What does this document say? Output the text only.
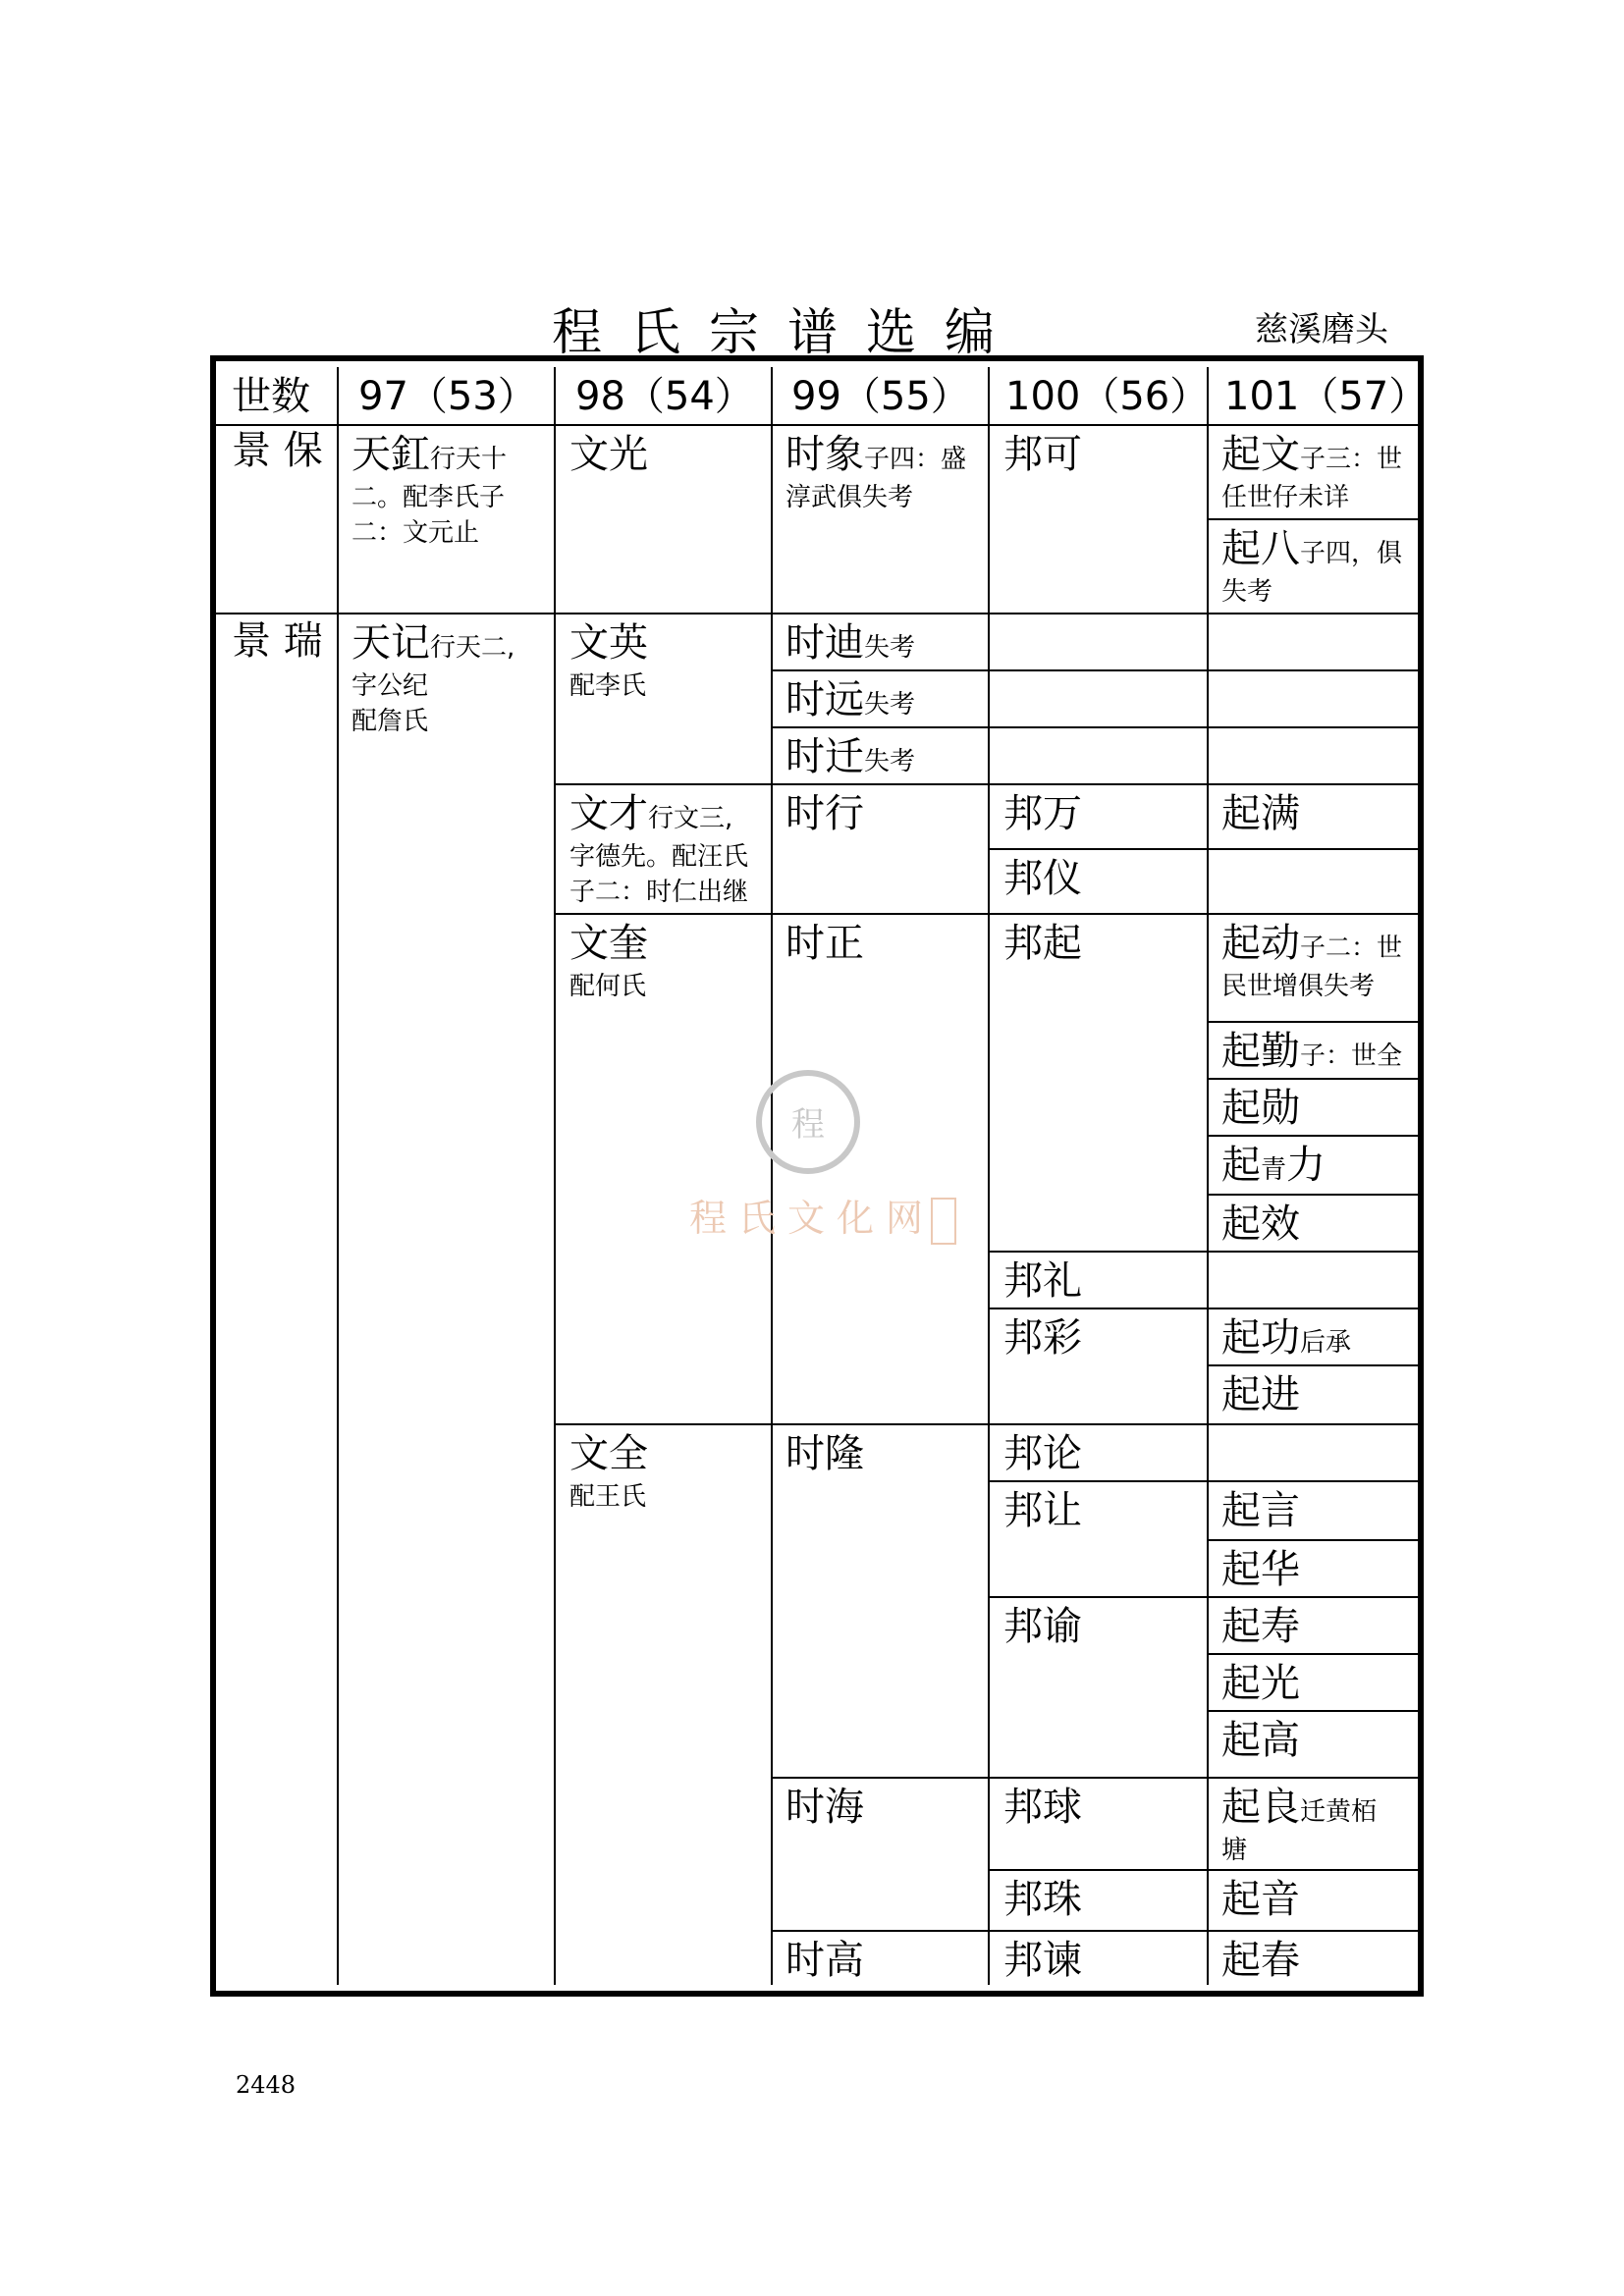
程氏宗谱选编	慈溪磨头
世数 97（53） 98（54） 99（55） 100（56） 101（57）
景 保
景 瑞
天釭行天十
二。配李氏子
二：文元止
天记行天二,
字公纪
配詹氏
文光
文英
配李氏
文才行文三,
字德先。配汪氏
子二：时仁出继
文奎
配何氏
文全
配王氏
时象子四：盛
淳武俱失考
时迪失考
时远失考
时迁失考
时行
时正
时隆
时海
时高
邦可
邦万
邦仪
邦起
邦礼
邦彩
邦论
邦让
邦谕
邦球
邦珠
邦谏
起文子三：世
任世仔未详
起八子四，俱
失考
起满
起动子二：世
民世增俱失考
起勤子：世全
起勋
起青力
起效
起功后承
起进
起言
起华
起寿
起光
起高
起良迁黄栢
塘
起音
起春
程
程氏文化网
2448
